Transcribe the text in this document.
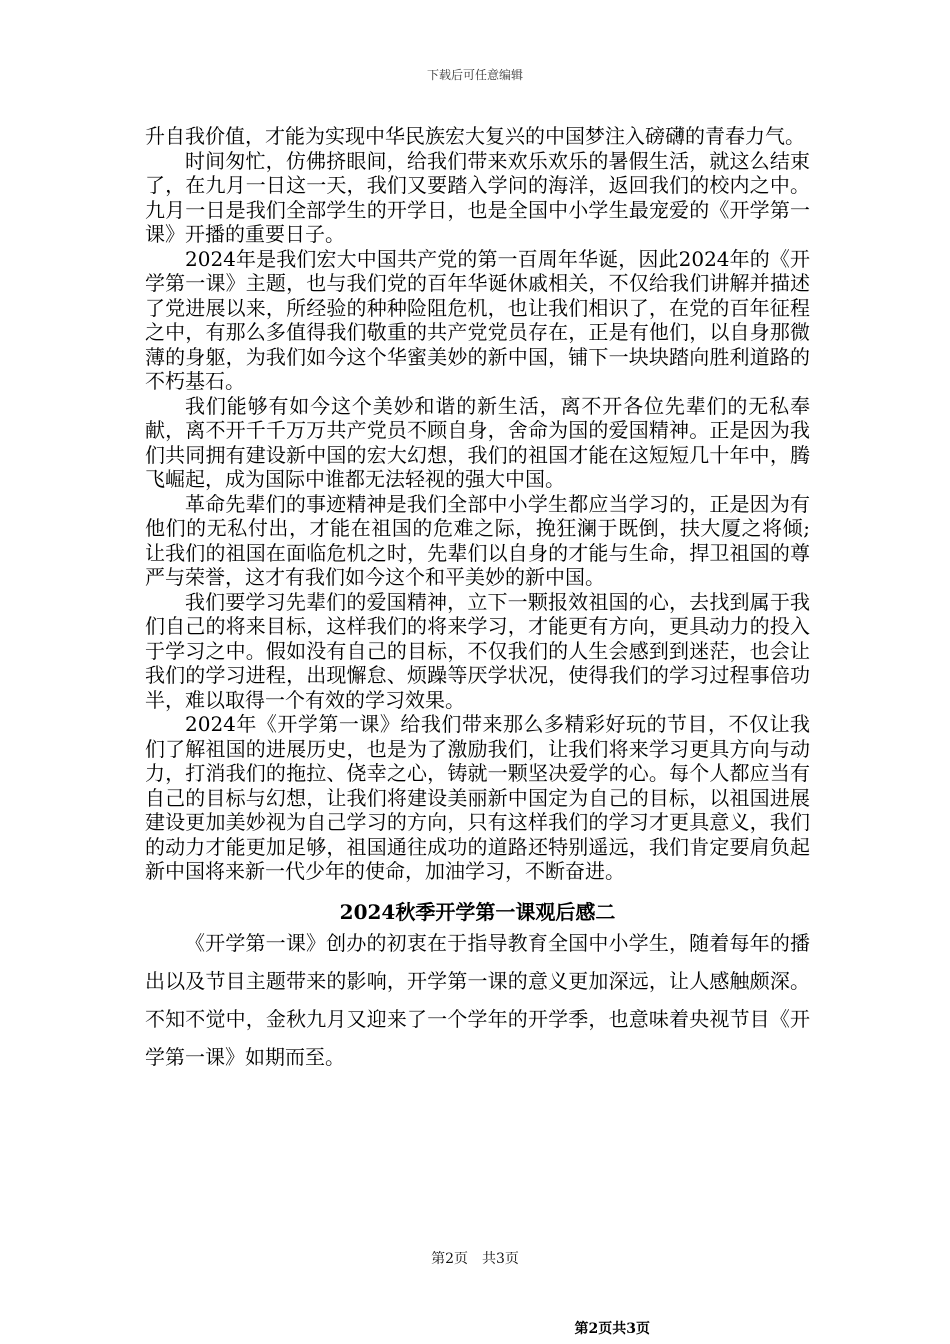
下载后可任意编辑

升自我价值，才能为实现中华民族宏大复兴的中国梦注入磅礴的青春力气。

时间匆忙，仿佛挤眼间，给我们带来欢乐欢乐的暑假生活，就这么结束了，在九月一日这一天，我们又要踏入学问的海洋，返回我们的校内之中。九月一日是我们全部学生的开学日，也是全国中小学生最宠爱的《开学第一课》开播的重要日子。

2024年是我们宏大中国共产党的第一百周年华诞，因此2024年的《开学第一课》主题，也与我们党的百年华诞休戚相关，不仅给我们讲解并描述了党进展以来，所经验的种种险阻危机，也让我们相识了，在党的百年征程之中，有那么多值得我们敬重的共产党党员存在，正是有他们，以自身那微薄的身躯，为我们如今这个华蜜美妙的新中国，铺下一块块踏向胜利道路的不朽基石。

我们能够有如今这个美妙和谐的新生活，离不开各位先辈们的无私奉献，离不开千千万万共产党员不顾自身，舍命为国的爱国精神。正是因为我们共同拥有建设新中国的宏大幻想，我们的祖国才能在这短短几十年中，腾飞崛起，成为国际中谁都无法轻视的强大中国。

革命先辈们的事迹精神是我们全部中小学生都应当学习的，正是因为有他们的无私付出，才能在祖国的危难之际，挽狂澜于既倒，扶大厦之将倾;让我们的祖国在面临危机之时，先辈们以自身的才能与生命，捍卫祖国的尊严与荣誉，这才有我们如今这个和平美妙的新中国。

我们要学习先辈们的爱国精神，立下一颗报效祖国的心，去找到属于我们自己的将来目标，这样我们的将来学习，才能更有方向，更具动力的投入于学习之中。假如没有自己的目标，不仅我们的人生会感到到迷茫，也会让我们的学习进程，出现懈怠、烦躁等厌学状况，使得我们的学习过程事倍功半，难以取得一个有效的学习效果。

2024年《开学第一课》给我们带来那么多精彩好玩的节目，不仅让我们了解祖国的进展历史，也是为了激励我们，让我们将来学习更具方向与动力，打消我们的拖拉、侥幸之心，铸就一颗坚决爱学的心。每个人都应当有自己的目标与幻想，让我们将建设美丽新中国定为自己的目标，以祖国进展建设更加美妙视为自己学习的方向，只有这样我们的学习才更具意义，我们的动力才能更加足够，祖国通往成功的道路还特别遥远，我们肯定要肩负起新中国将来新一代少年的使命，加油学习，不断奋进。

2024秋季开学第一课观后感二

《开学第一课》创办的初衷在于指导教育全国中小学生，随着每年的播出以及节目主题带来的影响，开学第一课的意义更加深远，让人感触颇深。不知不觉中，金秋九月又迎来了一个学年的开学季，也意味着央视节目《开学第一课》如期而至。

第2页　共3页
第2页共3页
